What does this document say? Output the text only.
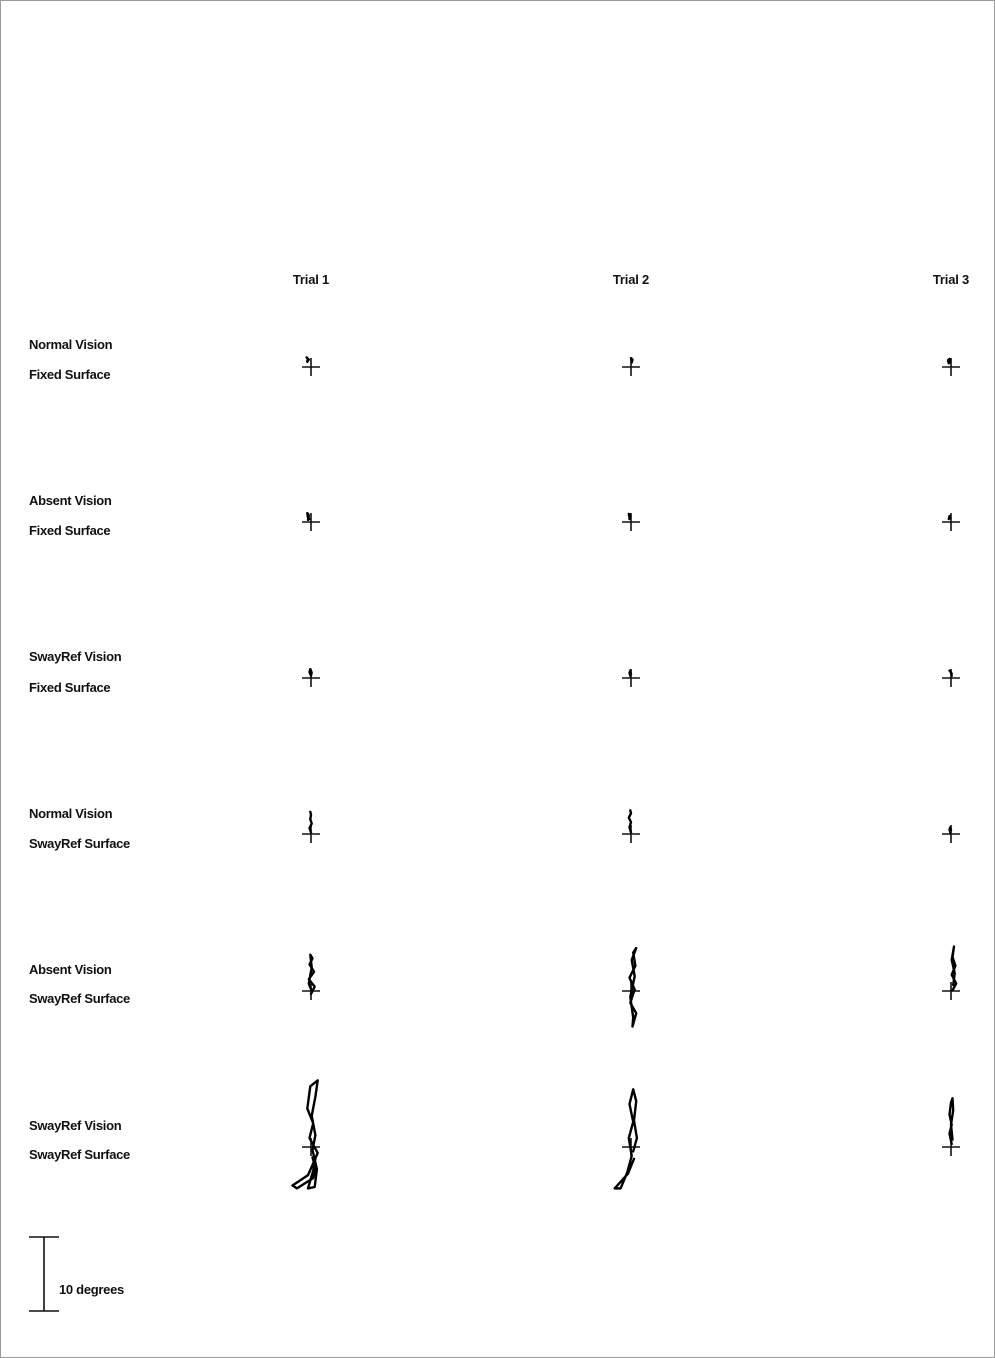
Trial 1	Trial 2	Trial 3
Normal Vision
Fixed Surface
Absent Vision
Fixed Surface
SwayRef Vision
Fixed Surface
Normal Vision
SwayRef Surface
Absent Vision
SwayRef Surface
SwayRef Vision
SwayRef Surface
10 degrees
